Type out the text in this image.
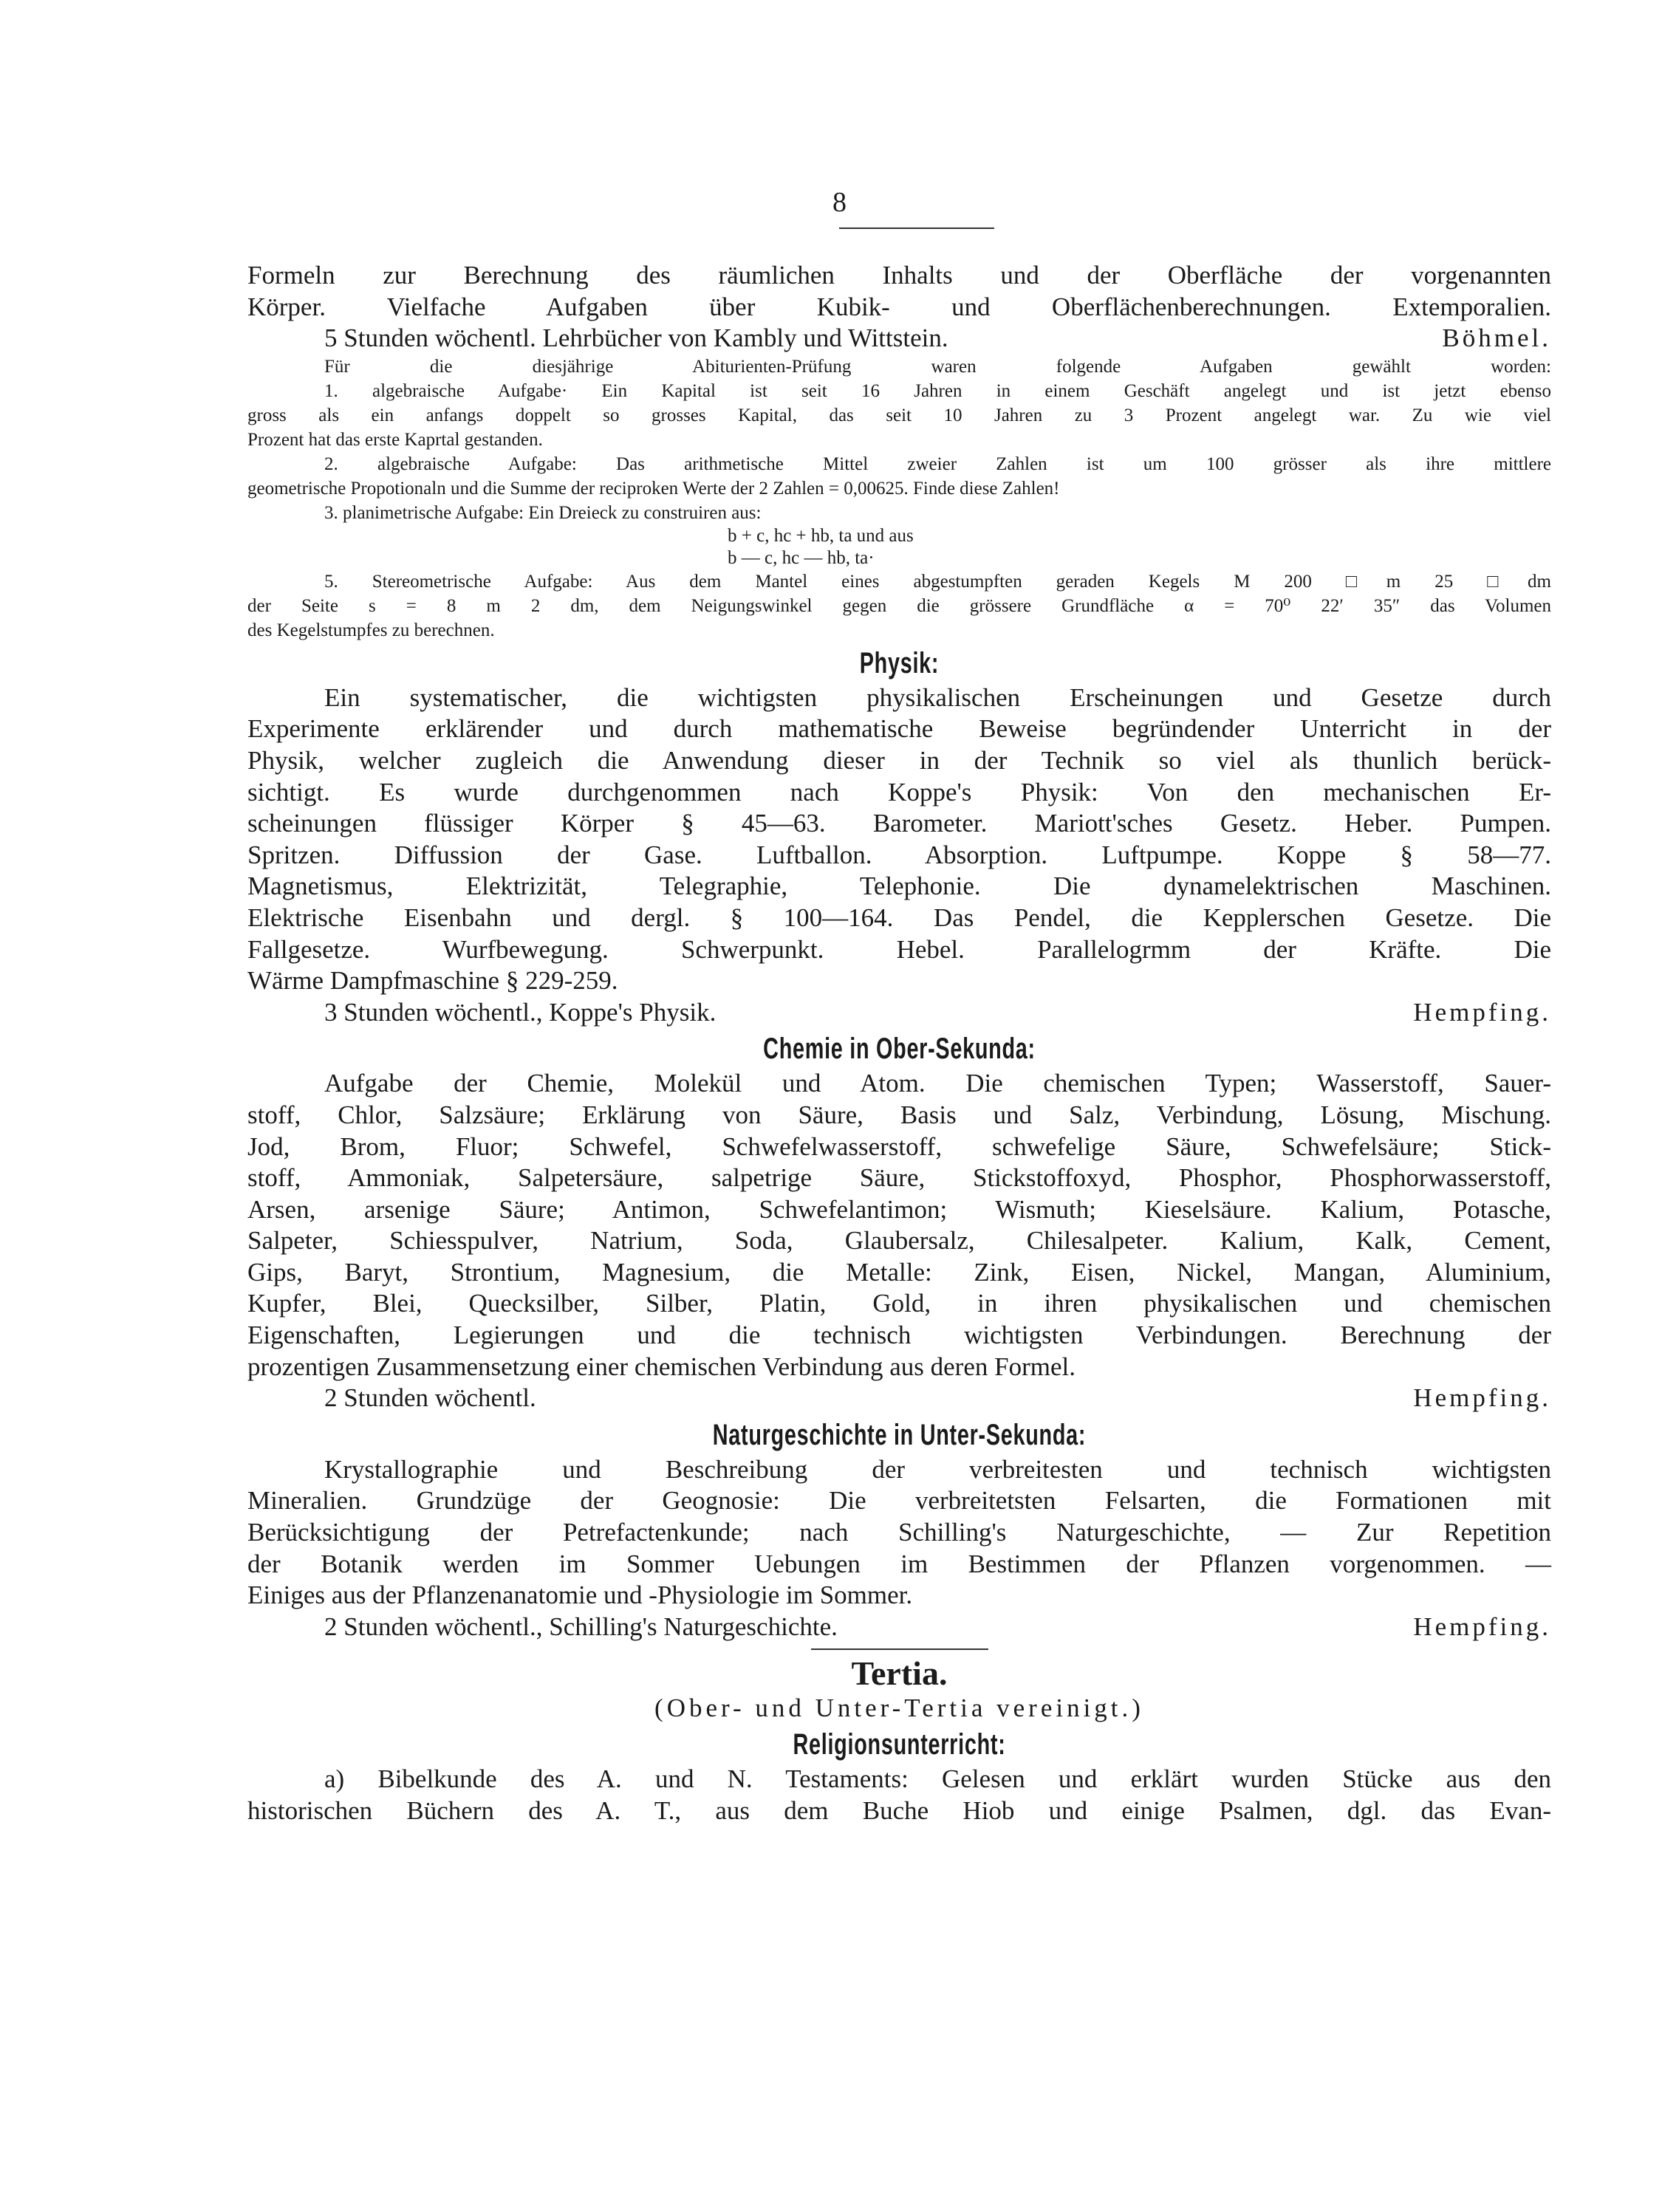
8
Formeln zur Berechnung des räumlichen Inhalts und der Oberfläche der vorgenannten
Körper. Vielfache Aufgaben über Kubik- und Oberflächenberechnungen. Extemporalien.
5 Stunden wöchentl. Lehrbücher von Kambly und Wittstein.	Böhmel.
Für die diesjährige Abiturienten-Prüfung waren folgende Aufgaben gewählt worden:
1. algebraische Aufgabe· Ein Kapital ist seit 16 Jahren in einem Geschäft angelegt und ist jetzt ebenso
gross als ein anfangs doppelt so grosses Kapital, das seit 10 Jahren zu 3 Prozent angelegt war. Zu wie viel
Prozent hat das erste Kaprtal gestanden.
2. algebraische Aufgabe: Das arithmetische Mittel zweier Zahlen ist um 100 grösser als ihre mittlere
geometrische Propotionaln und die Summe der reciproken Werte der 2 Zahlen = 0,00625. Finde diese Zahlen!
3. planimetrische Aufgabe: Ein Dreieck zu construiren aus:
b + c, hc + hb, ta und aus
b — c, hc — hb, ta·
5. Stereometrische Aufgabe: Aus dem Mantel eines abgestumpften geraden Kegels M 200 □m 25 □dm
der Seite s = 8 m 2 dm, dem Neigungswinkel gegen die grössere Grundfläche α = 70⁰ 22′ 35″ das Volumen
des Kegelstumpfes zu berechnen.
Physik:
Ein systematischer, die wichtigsten physikalischen Erscheinungen und Gesetze durch
Experimente erklärender und durch mathematische Beweise begründender Unterricht in der
Physik, welcher zugleich die Anwendung dieser in der Technik so viel als thunlich berück-
sichtigt. Es wurde durchgenommen nach Koppe's Physik: Von den mechanischen Er-
scheinungen flüssiger Körper § 45—63. Barometer. Mariott'sches Gesetz. Heber. Pumpen.
Spritzen. Diffussion der Gase. Luftballon. Absorption. Luftpumpe. Koppe § 58—77.
Magnetismus, Elektrizität, Telegraphie, Telephonie. Die dynamelektrischen Maschinen.
Elektrische Eisenbahn und dergl. § 100—164. Das Pendel, die Kepplerschen Gesetze. Die
Fallgesetze. Wurfbewegung. Schwerpunkt. Hebel. Parallelogrmm der Kräfte. Die
Wärme Dampfmaschine § 229-259.
3 Stunden wöchentl., Koppe's Physik.	Hempfing.
Chemie in Ober-Sekunda:
Aufgabe der Chemie, Molekül und Atom. Die chemischen Typen; Wasserstoff, Sauer-
stoff, Chlor, Salzsäure; Erklärung von Säure, Basis und Salz, Verbindung, Lösung, Mischung.
Jod, Brom, Fluor; Schwefel, Schwefelwasserstoff, schwefelige Säure, Schwefelsäure; Stick-
stoff, Ammoniak, Salpetersäure, salpetrige Säure, Stickstoffoxyd, Phosphor, Phosphorwasserstoff,
Arsen, arsenige Säure; Antimon, Schwefelantimon; Wismuth; Kieselsäure. Kalium, Potasche,
Salpeter, Schiesspulver, Natrium, Soda, Glaubersalz, Chilesalpeter. Kalium, Kalk, Cement,
Gips, Baryt, Strontium, Magnesium, die Metalle: Zink, Eisen, Nickel, Mangan, Aluminium,
Kupfer, Blei, Quecksilber, Silber, Platin, Gold, in ihren physikalischen und chemischen
Eigenschaften, Legierungen und die technisch wichtigsten Verbindungen. Berechnung der
prozentigen Zusammensetzung einer chemischen Verbindung aus deren Formel.
2 Stunden wöchentl.	Hempfing.
Naturgeschichte in Unter-Sekunda:
Krystallographie und Beschreibung der verbreitesten und technisch wichtigsten
Mineralien. Grundzüge der Geognosie: Die verbreitetsten Felsarten, die Formationen mit
Berücksichtigung der Petrefactenkunde; nach Schilling's Naturgeschichte, — Zur Repetition
der Botanik werden im Sommer Uebungen im Bestimmen der Pflanzen vorgenommen. —
Einiges aus der Pflanzenanatomie und -Physiologie im Sommer.
2 Stunden wöchentl., Schilling's Naturgeschichte.	Hempfing.
Tertia.
(Ober- und Unter-Tertia vereinigt.)
Religionsunterricht:
a) Bibelkunde des A. und N. Testaments: Gelesen und erklärt wurden Stücke aus den
historischen Büchern des A. T., aus dem Buche Hiob und einige Psalmen, dgl. das Evan-
